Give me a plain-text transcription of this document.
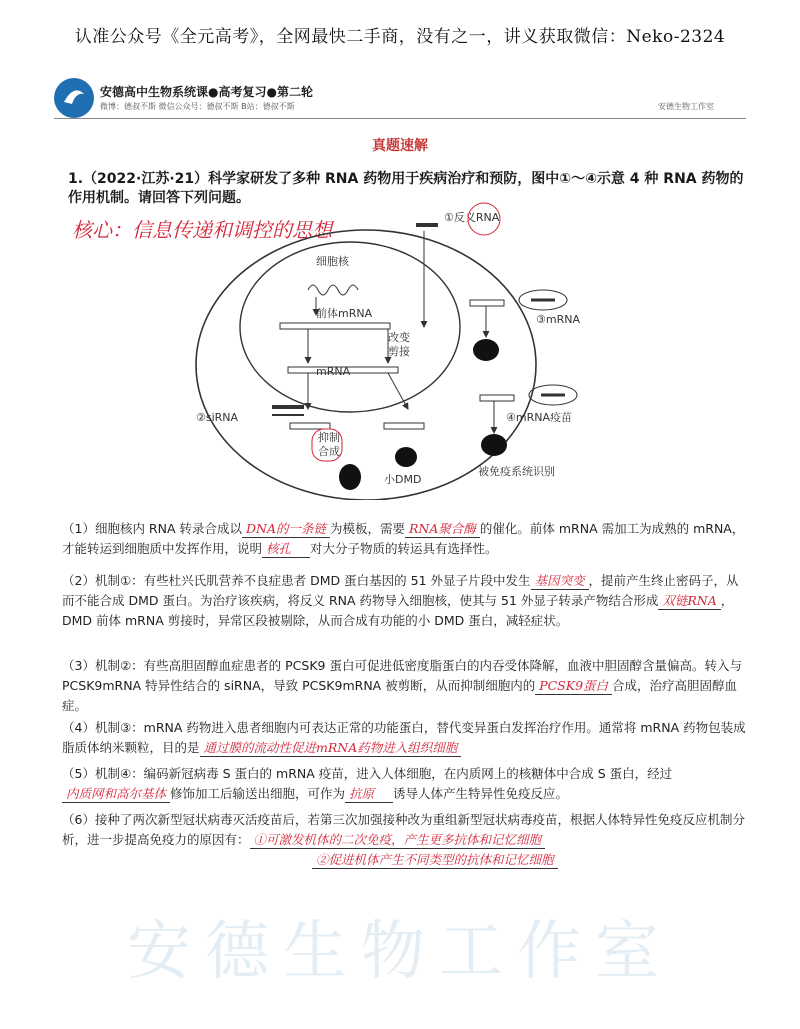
认准公众号《全元高考》，全网最快二手商，没有之一，讲义获取微信：Neko-2324
安德高中生物系统课●高考复习●第二轮
微博：德叔不斯 微信公众号：德叔不斯 B站：德叔不斯	安德生物工作室
真题速解
1.（2022·江苏·21）科学家研发了多种 RNA 药物用于疾病治疗和预防，图中①～④示意 4 种 RNA 药物的作用机制。请回答下列问题。
核心：信息传递和调控的思想
细胞核
前体mRNA
改变
剪接
mRNA
①反义RNA
②siRNA
抑制
合成
小DMD
③mRNA
④mRNA疫苗
被免疫系统识别
（1）细胞核内 RNA 转录合成以 DNA的一条链 为模板，需要 RNA聚合酶 的催化。前体 mRNA 需加工为成熟的 mRNA，才能转运到细胞质中发挥作用，说明 核孔 对大分子物质的转运具有选择性。
（2）机制①：有些杜兴氏肌营养不良症患者 DMD 蛋白基因的 51 外显子片段中发生 基因突变 ，提前产生终止密码子，从而不能合成 DMD 蛋白。为治疗该疾病，将反义 RNA 药物导入细胞核，使其与 51 外显子转录产物结合形成 双链RNA ，DMD 前体 mRNA 剪接时，异常区段被剔除，从而合成有功能的小 DMD 蛋白，减轻症状。
（3）机制②：有些高胆固醇血症患者的 PCSK9 蛋白可促进低密度脂蛋白的内吞受体降解，血液中胆固醇含量偏高。转入与 PCSK9mRNA 特异性结合的 siRNA，导致 PCSK9mRNA 被剪断，从而抑制细胞内的 PCSK9蛋白 合成，治疗高胆固醇血症。
（4）机制③：mRNA 药物进入患者细胞内可表达正常的功能蛋白，替代变异蛋白发挥治疗作用。通常将 mRNA 药物包装成脂质体纳米颗粒，目的是 通过膜的流动性促进mRNA药物进入组织细胞
（5）机制④：编码新冠病毒 S 蛋白的 mRNA 疫苗，进入人体细胞，在内质网上的核糖体中合成 S 蛋白，经过内质网和高尔基体 修饰加工后输送出细胞，可作为 抗原 诱导人体产生特异性免疫反应。
（6）接种了两次新型冠状病毒灭活疫苗后，若第三次加强接种改为重组新型冠状病毒疫苗，根据人体特异性免疫反应机制分析，进一步提高免疫力的原因有： ①可激发机体的二次免疫，产生更多抗体和记忆细胞
②促进机体产生不同类型的抗体和记忆细胞
安德生物工作室
